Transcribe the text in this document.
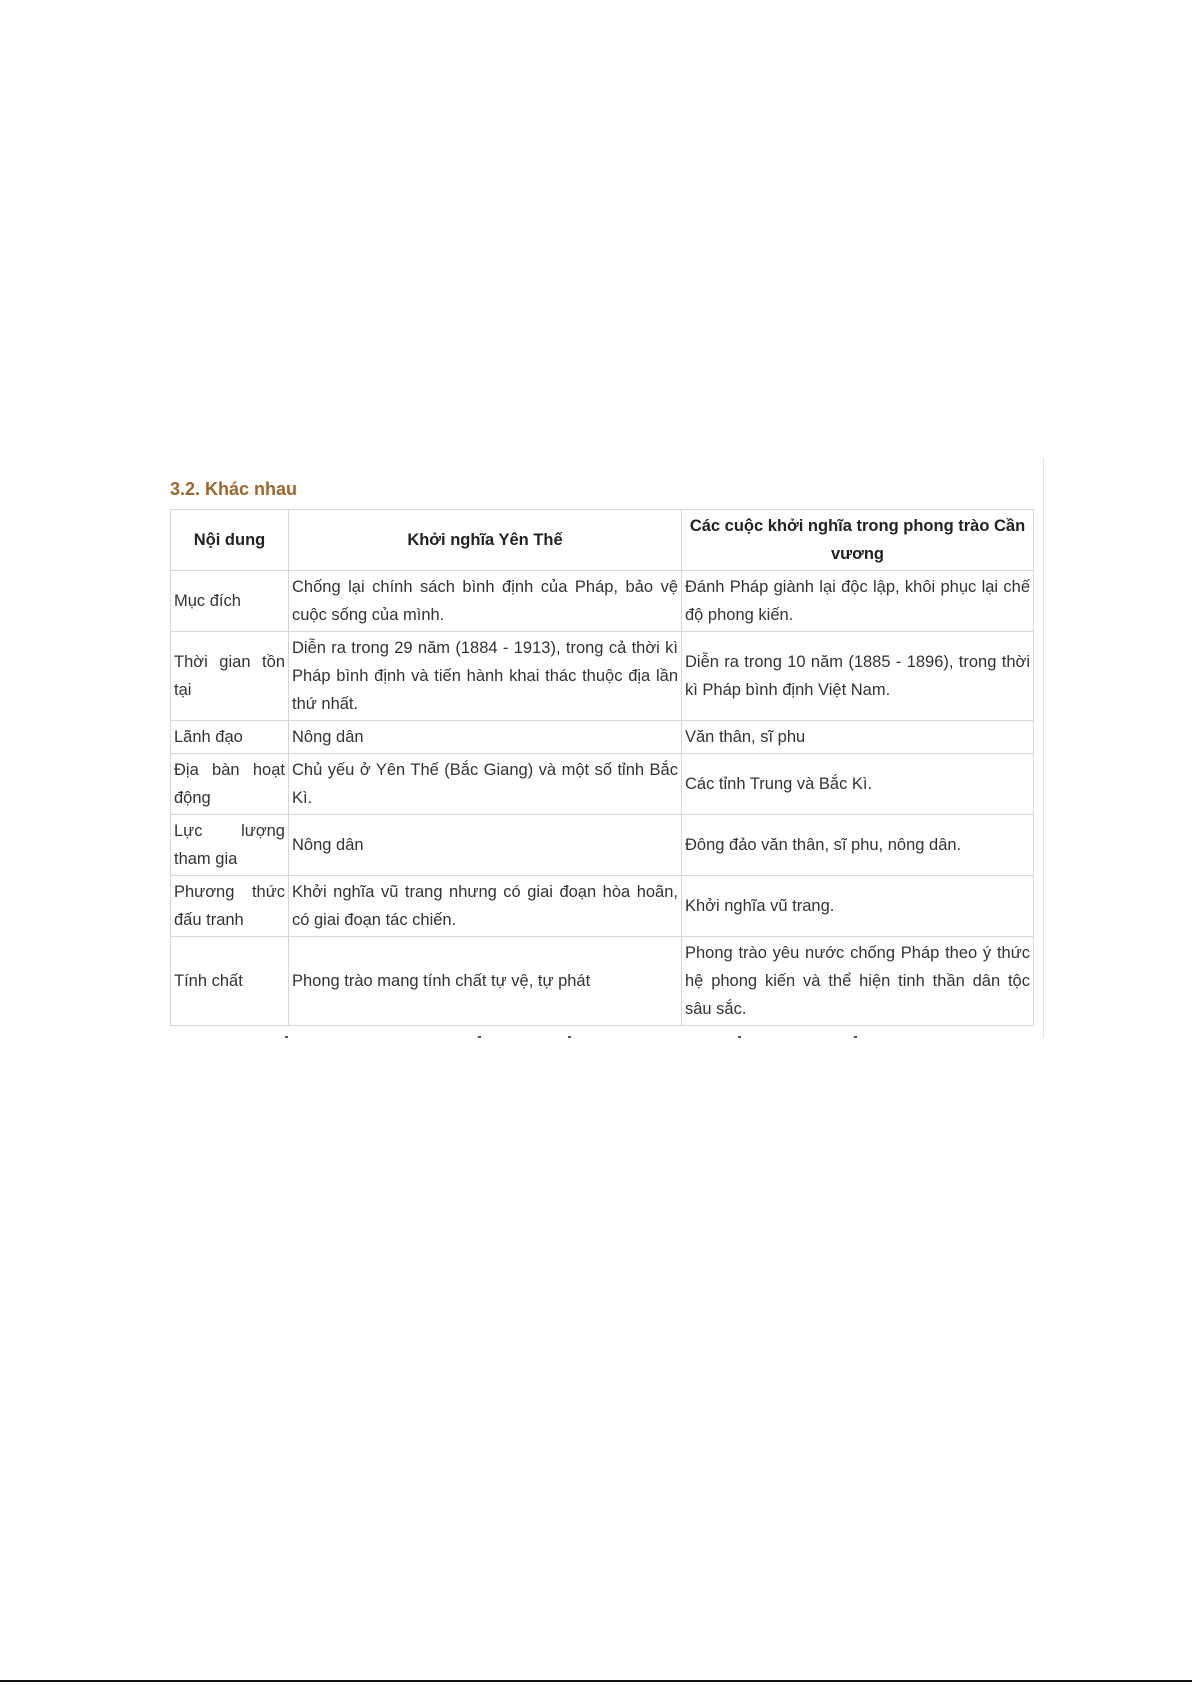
3.2. Khác nhau
Nội dung	Khởi nghĩa Yên Thế	Các cuộc khởi nghĩa trong phong trào Cần vương
Mục đích	Chống lại chính sách bình định của Pháp, bảo vệ cuộc sống của mình.	Đánh Pháp giành lại độc lập, khôi phục lại chế độ phong kiến.
Thời gian tồn tại	Diễn ra trong 29 năm (1884 - 1913), trong cả thời kì Pháp bình định và tiến hành khai thác thuộc địa lần thứ nhất.	Diễn ra trong 10 năm (1885 - 1896), trong thời kì Pháp bình định Việt Nam.
Lãnh đạo	Nông dân	Văn thân, sĩ phu
Địa bàn hoạt động	Chủ yếu ở Yên Thế (Bắc Giang) và một số tỉnh Bắc Kì.	Các tỉnh Trung và Bắc Kì.
Lực lượng tham gia	Nông dân	Đông đảo văn thân, sĩ phu, nông dân.
Phương thức đấu tranh	Khởi nghĩa vũ trang nhưng có giai đoạn hòa hoãn, có giai đoạn tác chiến.	Khởi nghĩa vũ trang.
Tính chất	Phong trào mang tính chất tự vệ, tự phát	Phong trào yêu nước chống Pháp theo ý thức hệ phong kiến và thể hiện tinh thần dân tộc sâu sắc.
